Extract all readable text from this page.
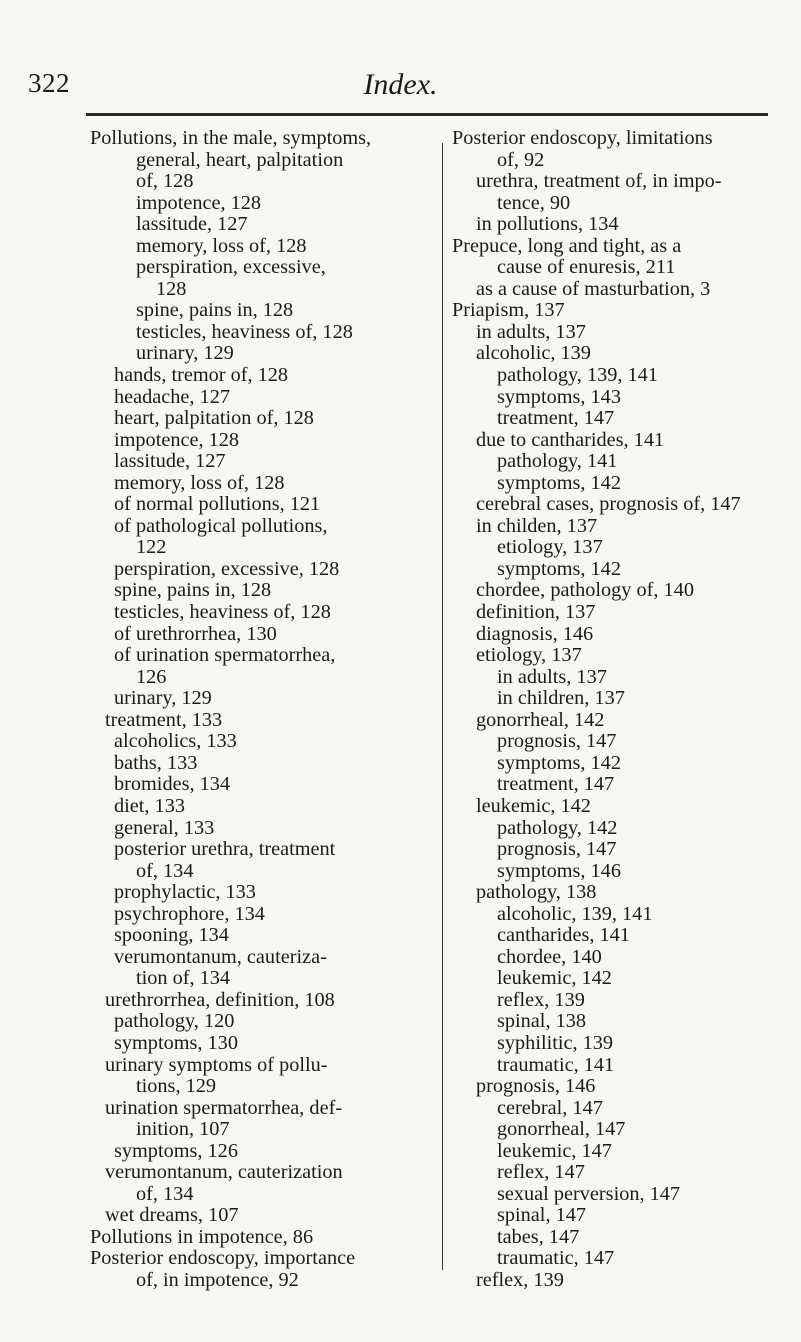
322	Index.
Pollutions, in the male, symptoms,
general, heart, palpitation
of, 128
impotence, 128
lassitude, 127
memory, loss of, 128
perspiration, excessive,
128
spine, pains in, 128
testicles, heaviness of, 128
urinary, 129
hands, tremor of, 128
headache, 127
heart, palpitation of, 128
impotence, 128
lassitude, 127
memory, loss of, 128
of normal pollutions, 121
of pathological pollutions,
122
perspiration, excessive, 128
spine, pains in, 128
testicles, heaviness of, 128
of urethrorrhea, 130
of urination spermatorrhea,
126
urinary, 129
treatment, 133
alcoholics, 133
baths, 133
bromides, 134
diet, 133
general, 133
posterior urethra, treatment
of, 134
prophylactic, 133
psychrophore, 134
spooning, 134
verumontanum, cauteriza-
tion of, 134
urethrorrhea, definition, 108
pathology, 120
symptoms, 130
urinary symptoms of pollu-
tions, 129
urination spermatorrhea, def-
inition, 107
symptoms, 126
verumontanum, cauterization
of, 134
wet dreams, 107
Pollutions in impotence, 86
Posterior endoscopy, importance
of, in impotence, 92
Posterior endoscopy, limitations
of, 92
urethra, treatment of, in impo-
tence, 90
in pollutions, 134
Prepuce, long and tight, as a
cause of enuresis, 211
as a cause of masturbation, 3
Priapism, 137
in adults, 137
alcoholic, 139
pathology, 139, 141
symptoms, 143
treatment, 147
due to cantharides, 141
pathology, 141
symptoms, 142
cerebral cases, prognosis of, 147
in childen, 137
etiology, 137
symptoms, 142
chordee, pathology of, 140
definition, 137
diagnosis, 146
etiology, 137
in adults, 137
in children, 137
gonorrheal, 142
prognosis, 147
symptoms, 142
treatment, 147
leukemic, 142
pathology, 142
prognosis, 147
symptoms, 146
pathology, 138
alcoholic, 139, 141
cantharides, 141
chordee, 140
leukemic, 142
reflex, 139
spinal, 138
syphilitic, 139
traumatic, 141
prognosis, 146
cerebral, 147
gonorrheal, 147
leukemic, 147
reflex, 147
sexual perversion, 147
spinal, 147
tabes, 147
traumatic, 147
reflex, 139
